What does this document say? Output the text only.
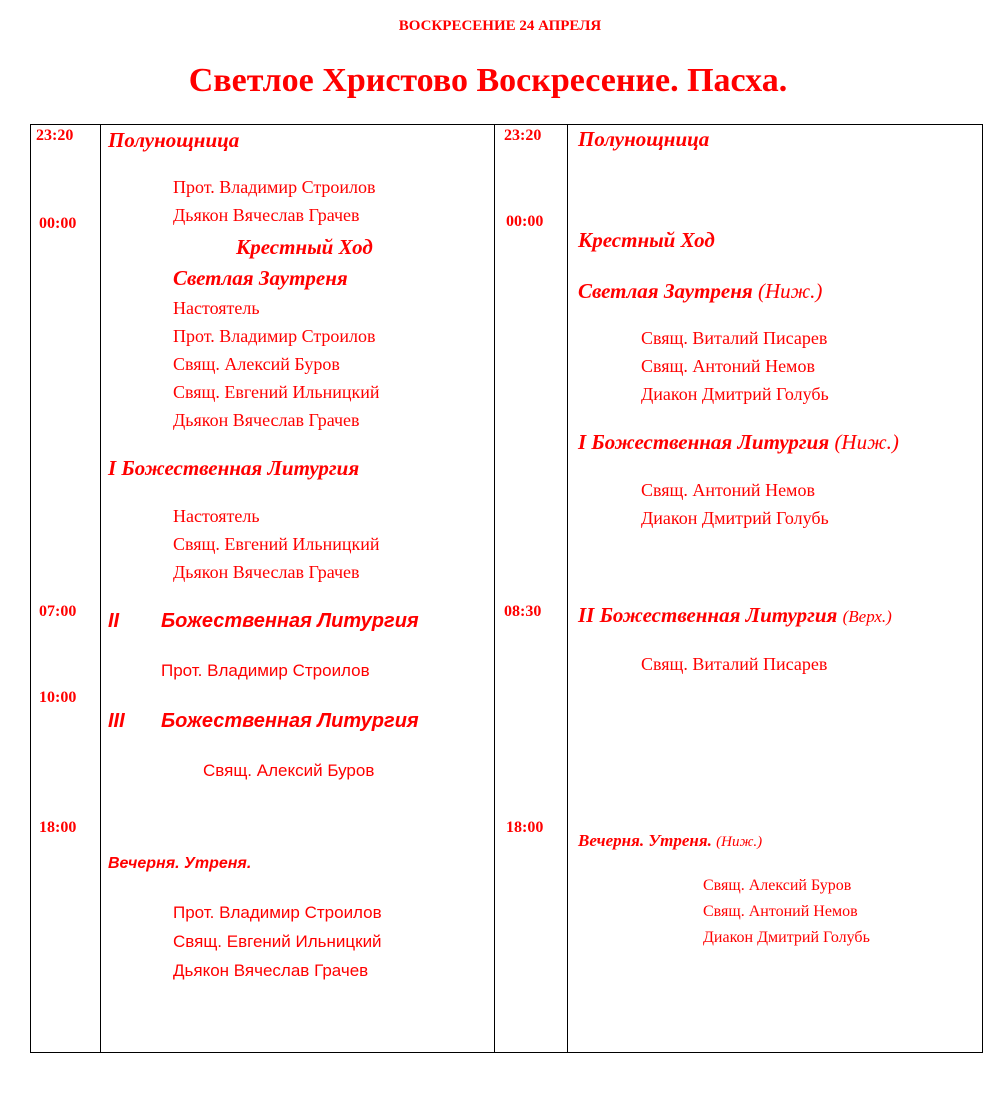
ВОСКРЕСЕНИЕ 24 АПРЕЛЯ
Светлое Христово Воскресение. Пасха.
23:20
00:00
07:00
10:00
18:00
Полунощница
Прот. Владимир Строилов
Дьякон Вячеслав Грачев
Крестный Ход
Светлая Заутреня
Настоятель
Прот. Владимир Строилов
Свящ. Алексий Буров
Свящ. Евгений Ильницкий
Дьякон Вячеслав Грачев
I Божественная Литургия
Настоятель
Свящ. Евгений Ильницкий
Дьякон Вячеслав Грачев
II Божественная Литургия
Прот. Владимир Строилов
III Божественная Литургия
Свящ. Алексий Буров
Вечерня. Утреня.
Прот. Владимир Строилов
Свящ. Евгений Ильницкий
Дьякон Вячеслав Грачев
23:20
00:00
08:30
18:00
Полунощница
Крестный Ход
Светлая Заутреня (Ниж.)
Свящ. Виталий Писарев
Свящ. Антоний Немов
Диакон Дмитрий Голубь
I Божественная Литургия (Ниж.)
Свящ. Антоний Немов
Диакон Дмитрий Голубь
II Божественная Литургия (Верх.)
Свящ. Виталий Писарев
Вечерня. Утреня. (Ниж.)
Свящ. Алексий Буров
Свящ. Антоний Немов
Диакон Дмитрий Голубь
